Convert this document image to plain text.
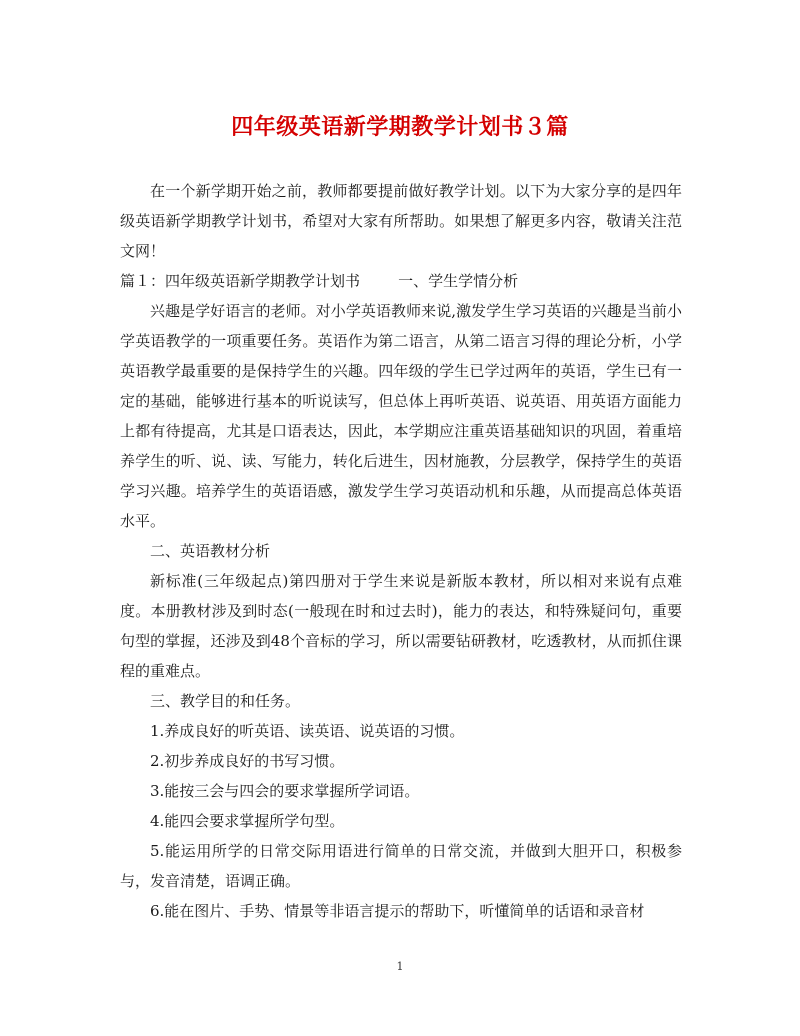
四年级英语新学期教学计划书３篇

在一个新学期开始之前，教师都要提前做好教学计划。以下为大家分享的是四年级英语新学期教学计划书，希望对大家有所帮助。如果想了解更多内容，敬请关注范文网！

篇１：四年级英语新学期教学计划书	一、学生学情分析

兴趣是学好语言的老师。对小学英语教师来说,激发学生学习英语的兴趣是当前小学英语教学的一项重要任务。英语作为第二语言，从第二语言习得的理论分析，小学英语教学最重要的是保持学生的兴趣。四年级的学生已学过两年的英语，学生已有一定的基础，能够进行基本的听说读写，但总体上再听英语、说英语、用英语方面能力上都有待提高，尤其是口语表达，因此，本学期应注重英语基础知识的巩固，着重培养学生的听、说、读、写能力，转化后进生，因材施教，分层教学，保持学生的英语学习兴趣。培养学生的英语语感，激发学生学习英语动机和乐趣，从而提高总体英语水平。

二、英语教材分析

新标准(三年级起点)第四册对于学生来说是新版本教材，所以相对来说有点难度。本册教材涉及到时态(一般现在时和过去时)，能力的表达，和特殊疑问句，重要句型的掌握，还涉及到48个音标的学习，所以需要钻研教材，吃透教材，从而抓住课程的重难点。

三、教学目的和任务。

1.养成良好的听英语、读英语、说英语的习惯。

2.初步养成良好的书写习惯。

3.能按三会与四会的要求掌握所学词语。

4.能四会要求掌握所学句型。

5.能运用所学的日常交际用语进行简单的日常交流，并做到大胆开口，积极参与，发音清楚，语调正确。

6.能在图片、手势、情景等非语言提示的帮助下，听懂简单的话语和录音材

1
